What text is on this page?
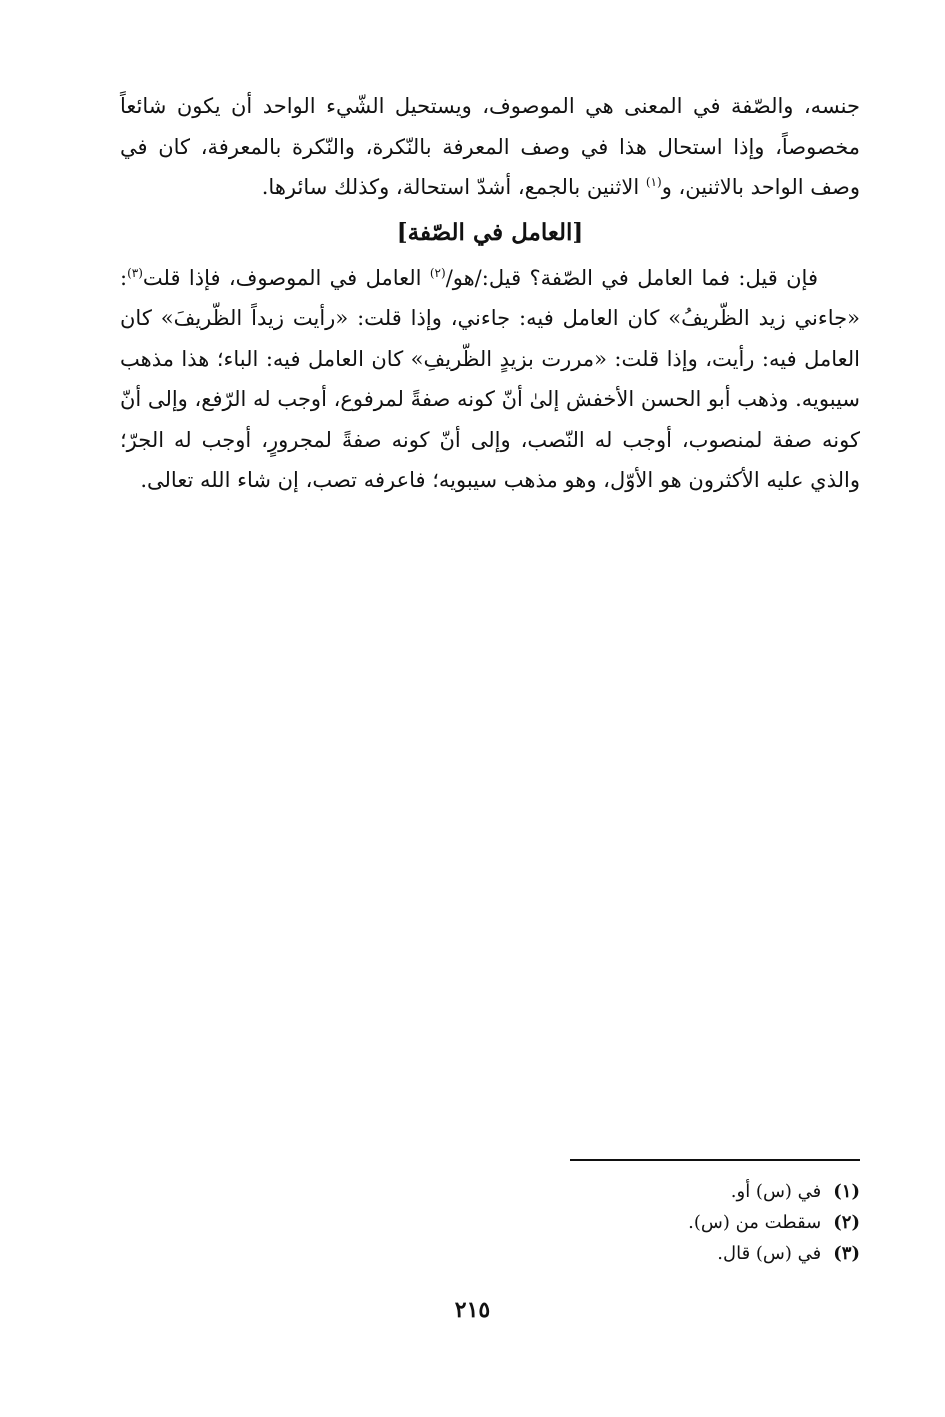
جنسه، والصّفة في المعنى هي الموصوف، ويستحيل الشّيء الواحد أن يكون شائعاً مخصوصاً، وإذا استحال هذا في وصف المعرفة بالنّكرة، والنّكرة بالمعرفة، كان في وصف الواحد بالاثنين، و$^{(١)}$ الاثنين بالجمع، أشدّ استحالة، وكذلك سائرها.

[العامل في الصّفة]

فإن قيل: فما العامل في الصّفة؟ قيل:/هو/$^{(٢)}$ العامل في الموصوف، فإذا قلت$^{(٣)}$: «جاءني زيد الظّريفُ» كان العامل فيه: جاءني، وإذا قلت: «رأيت زيداً الظّريفَ» كان العامل فيه: رأيت، وإذا قلت: «مررت بزيدٍ الظّريفِ» كان العامل فيه: الباء؛ هذا مذهب سيبويه. وذهب أبو الحسن الأخفش إلىٰ أنّ كونه صفةً لمرفوع، أوجب له الرّفع، وإلى أنّ كونه صفة لمنصوب، أوجب له النّصب، وإلى أنّ كونه صفةً لمجرورٍ، أوجب له الجرّ؛ والذي عليه الأكثرون هو الأوّل، وهو مذهب سيبويه؛ فاعرفه تصب، إن شاء الله تعالى.

(١)
في (س) أو.
(٢)
سقطت من (س).
(٣)
في (س) قال.
٢١٥
